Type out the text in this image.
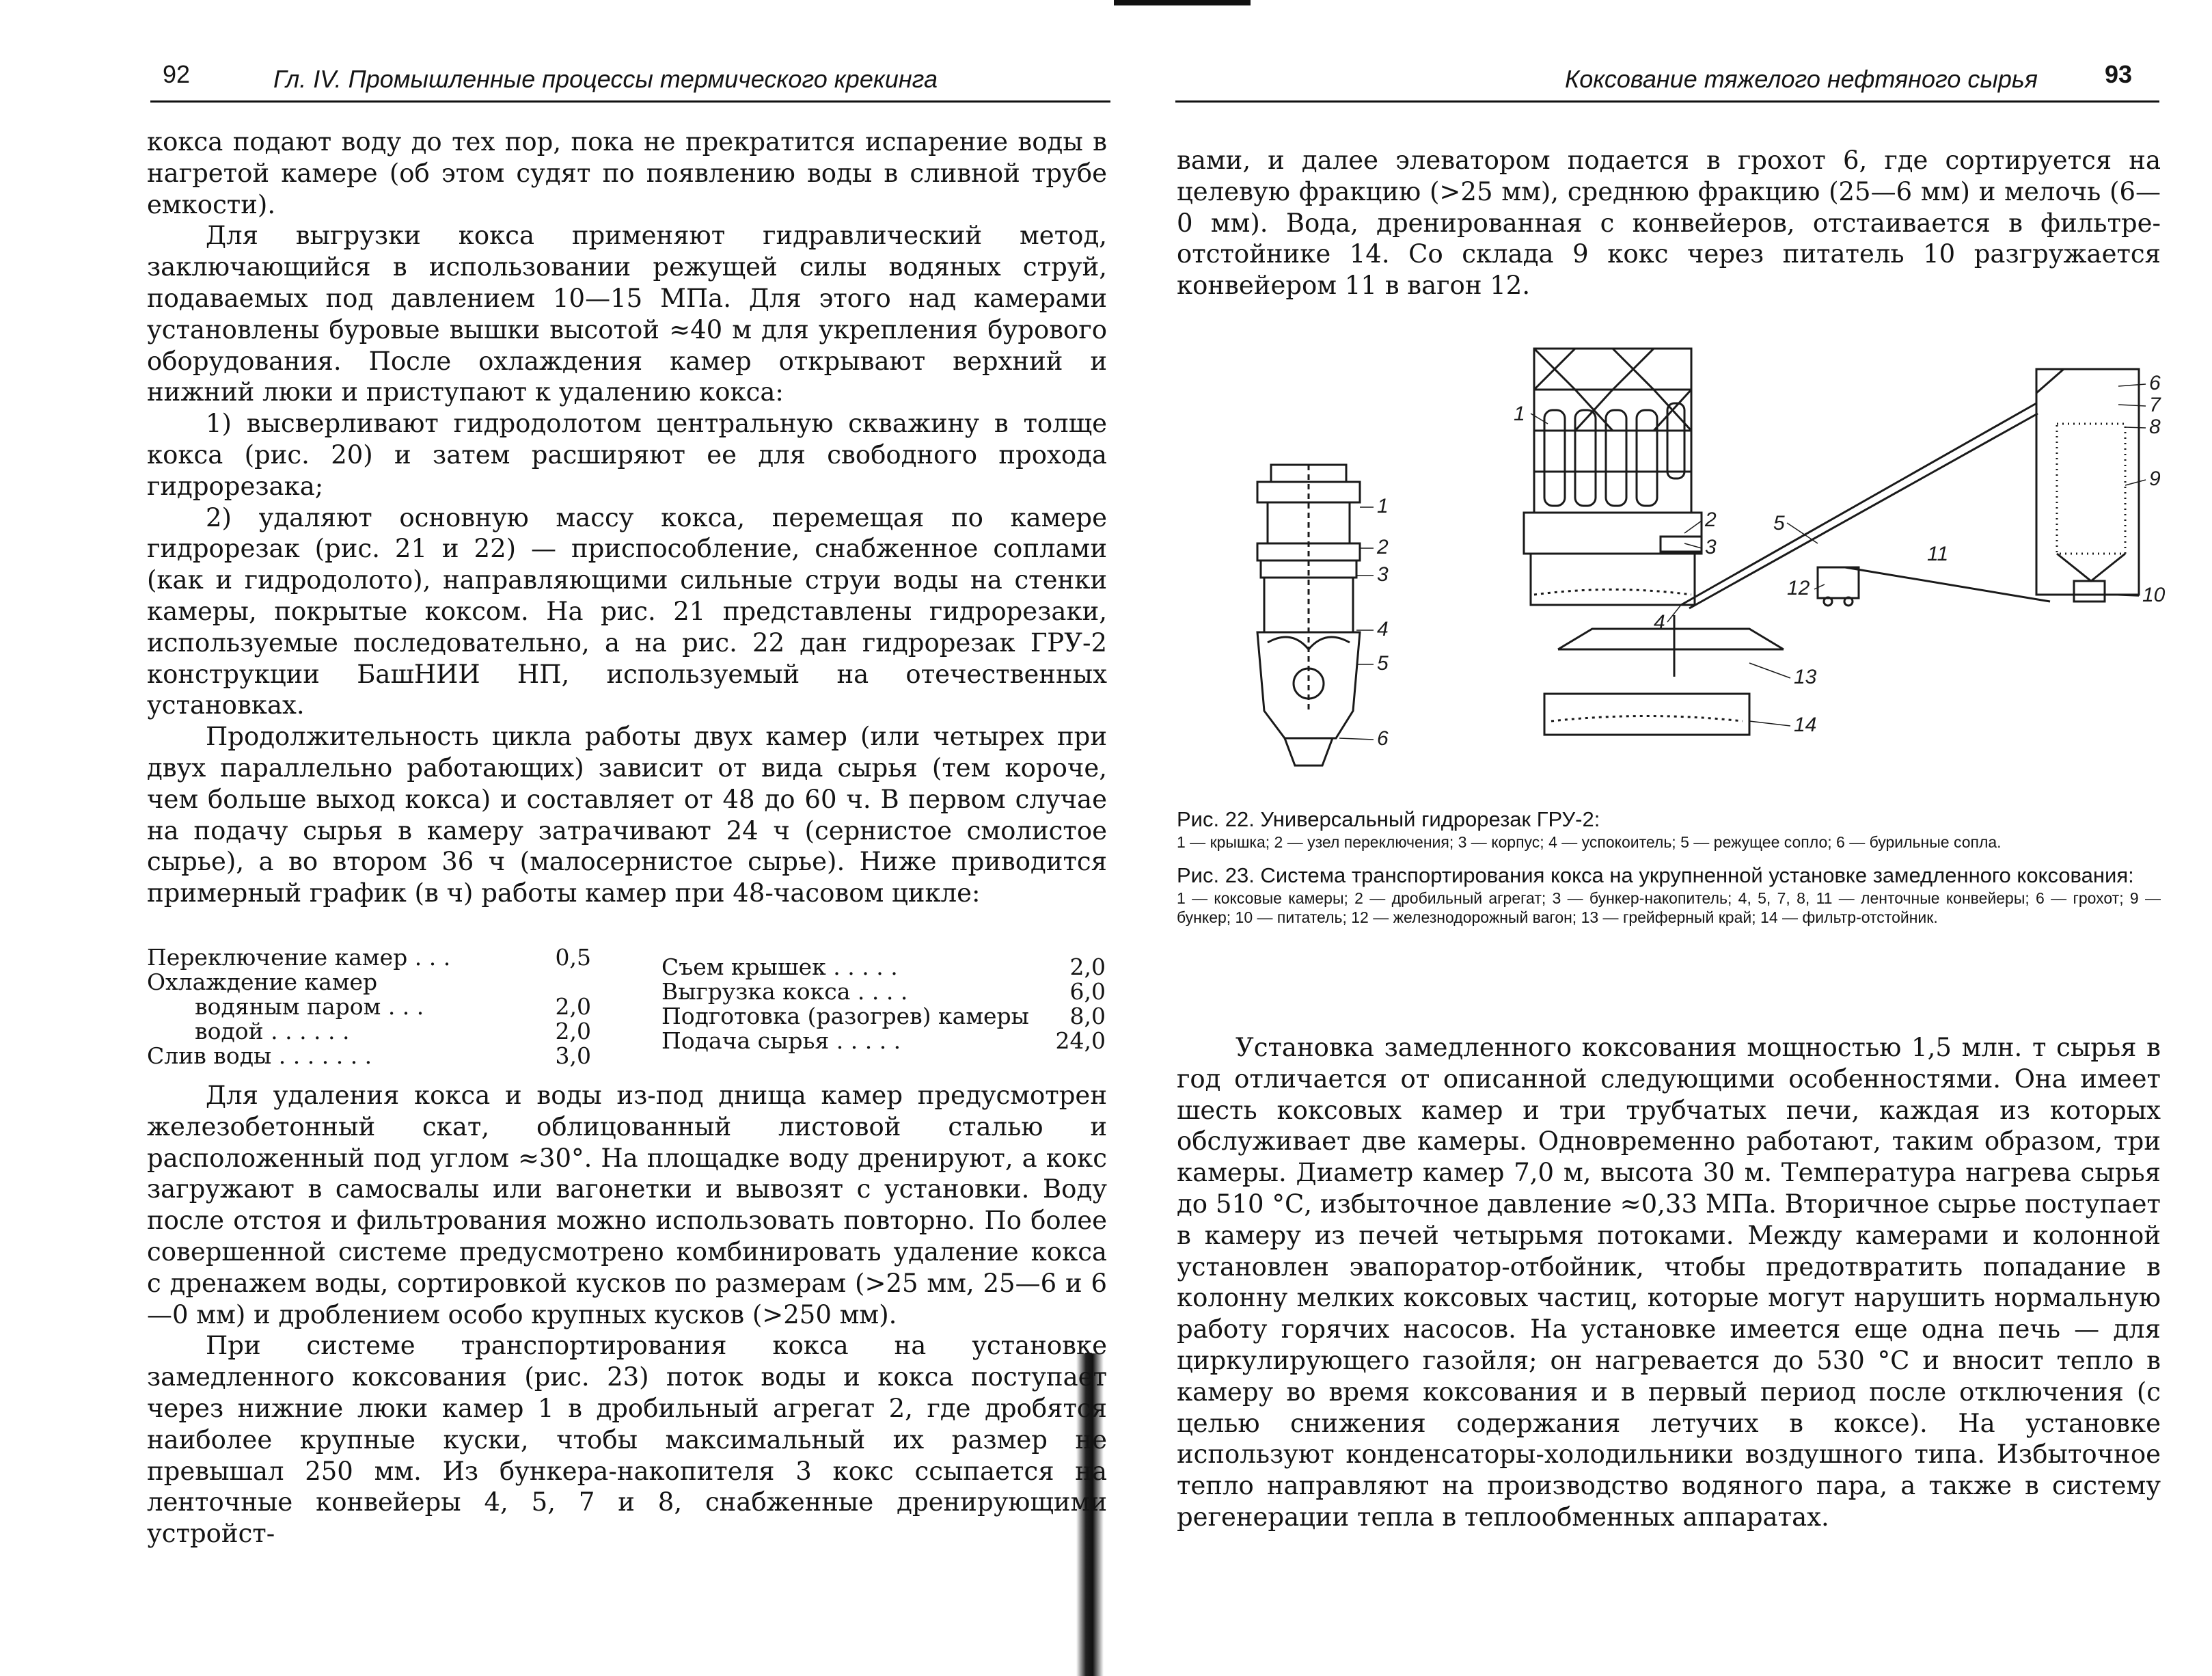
92	Гл. IV. Промышленные процессы термического крекинга

кокса подают воду до тех пор, пока не прекратится испарение воды в нагретой камере (об этом судят по появлению воды в сливной трубе емкости).

Для выгрузки кокса применяют гидравлический метод, заключающийся в использовании режущей силы водяных струй, подаваемых под давлением 10—15 МПа. Для этого над камерами установлены буровые вышки высотой ≈40 м для укрепления бурового оборудования. После охлаждения камер открывают верхний и нижний люки и приступают к удалению кокса:

1) высверливают гидродолотом центральную скважину в толще кокса (рис. 20) и затем расширяют ее для свободного прохода гидрорезака;

2) удаляют основную массу кокса, перемещая по камере гидрорезак (рис. 21 и 22) — приспособление, снабженное соплами (как и гидродолото), направляющими сильные струи воды на стенки камеры, покрытые коксом. На рис. 21 представлены гидрорезаки, используемые последовательно, а на рис. 22 дан гидрорезак ГРУ-2 конструкции БашНИИ НП, используемый на отечественных установках.

Продолжительность цикла работы двух камер (или четырех при двух параллельно работающих) зависит от вида сырья (тем короче, чем больше выход кокса) и составляет от 48 до 60 ч. В первом случае на подачу сырья в камеру затрачивают 24 ч (сернистое смолистое сырье), а во втором 36 ч (малосернистое сырье). Ниже приводится примерный график (в ч) работы камер при 48-часовом цикле:

Переключение камер . . .	0,5
Охлаждение камер
водяным паром . . .	2,0
водой . . . . . .	2,0
Слив воды . . . . . . .	3,0
Съем крышек . . . . .	2,0
Выгрузка кокса . . . .	6,0
Подготовка (разогрев) камеры	8,0
Подача сырья . . . . .	24,0

Для удаления кокса и воды из-под днища камер предусмотрен железобетонный скат, облицованный листовой сталью и расположенный под углом ≈30°. На площадке воду дренируют, а кокс загружают в самосвалы или вагонетки и вывозят с установки. Воду после отстоя и фильтрования можно использовать повторно. По более совершенной системе предусмотрено комбинировать удаление кокса с дренажем воды, сортировкой кусков по размерам (>25 мм, 25—6 и 6—0 мм) и дроблением особо крупных кусков (>250 мм).

При системе транспортирования кокса на установке замедленного коксования (рис. 23) поток воды и кокса поступает через нижние люки камер 1 в дробильный агрегат 2, где дробятся наиболее крупные куски, чтобы максимальный их размер не превышал 250 мм. Из бункера-накопителя 3 кокс ссыпается на ленточные конвейеры 4, 5, 7 и 8, снабженные дренирующими устройст-

Коксование тяжелого нефтяного сырья	93

вами, и далее элеватором подается в грохот 6, где сортируется на целевую фракцию (>25 мм), среднюю фракцию (25—6 мм) и мелочь (6—0 мм). Вода, дренированная с конвейеров, отстаивается в фильтре-отстойнике 14. Со склада 9 кокс через питатель 10 разгружается конвейером 11 в вагон 12.

Рис. 22. Универсальный гидрорезак ГРУ-2:

1 — крышка; 2 — узел переключения; 3 — корпус; 4 — успокоитель; 5 — режущее сопло; 6 — бурильные сопла.

Рис. 23. Система транспортирования кокса на укрупненной установке замедленного коксования:

1 — коксовые камеры; 2 — дробильный агрегат; 3 — бункер-накопитель; 4, 5, 7, 8, 11 — ленточные конвейеры; 6 — грохот; 9 — бункер; 10 — питатель; 12 — железнодорожный вагон; 13 — грейферный край; 14 — фильтр-отстойник.

Установка замедленного коксования мощностью 1,5 млн. т сырья в год отличается от описанной следующими особенностями. Она имеет шесть коксовых камер и три трубчатых печи, каждая из которых обслуживает две камеры. Одновременно работают, таким образом, три камеры. Диаметр камер 7,0 м, высота 30 м. Температура нагрева сырья до 510 °С, избыточное давление ≈0,33 МПа. Вторичное сырье поступает в камеру из печей четырьмя потоками. Между камерами и колонной установлен эвапоратор-отбойник, чтобы предотвратить попадание в колонну мелких коксовых частиц, которые могут нарушить нормальную работу горячих насосов. На установке имеется еще одна печь — для циркулирующего газойля; он нагревается до 530 °С и вносит тепло в камеру во время коксования и в первый период после отключения (с целью снижения содержания летучих в коксе). На установке используют конденсаторы-холодильники воздушного типа. Избыточное тепло направляют на производство водяного пара, а также в систему регенерации тепла в теплообменных аппаратах.

1
2
3
4
5
6
1
2
3
4
5
6
7
8
9
10
11
12
13
14
